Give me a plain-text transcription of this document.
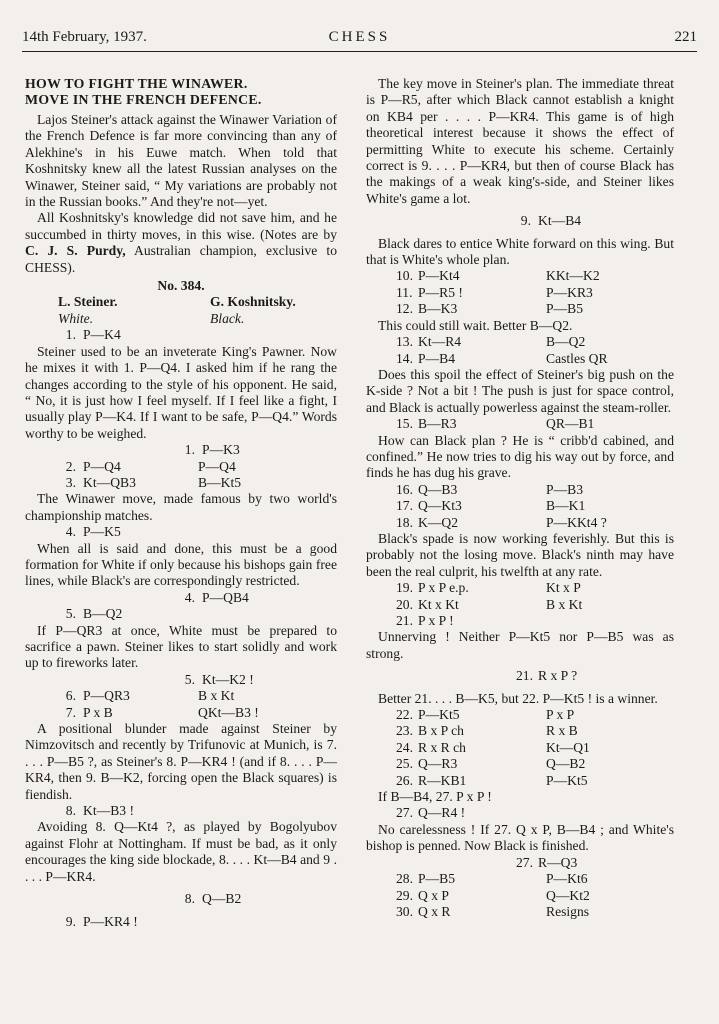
14th February, 1937.	CHESS	221
HOW TO FIGHT THE WINAWER.
MOVE IN THE FRENCH DEFENCE.

Lajos Steiner's attack against the Winawer Variation of the French Defence is far more convincing than any of Alekhine's in his Euwe match. When told that Koshnitsky knew all the latest Russian analyses on the Winawer, Steiner said, “ My variations are probably not in the Russian books.” And they're not—yet.

All Koshnitsky's knowledge did not save him, and he succumbed in thirty moves, in this wise. (Notes are by C. J. S. Purdy, Australian champion, exclusive to CHESS).

No. 384.
L. Steiner.	G. Koshnitsky.
White.	Black.
1. P—K4

Steiner used to be an inveterate King's Pawner. Now he mixes it with 1. P—Q4. I asked him if he rang the changes according to the style of his opponent. He said, “ No, it is just how I feel myself. If I feel like a fight, I usually play P—K4. If I want to be safe, P—Q4.” Words worthy to be weighed.

1. P—K3
2. P—Q4	P—Q4
3. Kt—QB3	B—Kt5

The Winawer move, made famous by two world's championship matches.

4. P—K5

When all is said and done, this must be a good formation for White if only because his bishops gain free lines, while Black's are correspondingly restricted.

4. P—QB4
5. B—Q2

If P—QR3 at once, White must be prepared to sacrifice a pawn. Steiner likes to start solidly and work up to fireworks later.

5. Kt—K2 !
6. P—QR3	B x Kt
7. P x B	QKt—B3 !

A positional blunder made against Steiner by Nimzovitsch and recently by Trifunovic at Munich, is 7. . . . P—B5 ?, as Steiner's 8. P—KR4 ! (and if 8. . . . P—KR4, then 9. B—K2, forcing open the Black squares) is fiendish.

8. Kt—B3 !

Avoiding 8. Q—Kt4 ?, as played by Bogolyubov against Flohr at Nottingham. If must be bad, as it only encourages the king side blockade, 8. . . . Kt—B4 and 9 . . . . P—KR4.

8. Q—B2
9. P—KR4 !

The key move in Steiner's plan. The immediate threat is P—R5, after which Black cannot establish a knight on KB4 per . . . . P—KR4. This game is of high theoretical interest because it shows the effect of permitting White to execute his scheme. Certainly correct is 9. . . . P—KR4, but then of course Black has the makings of a weak king's-side, and Steiner likes White's game a lot.

9. Kt—B4

Black dares to entice White forward on this wing. But that is White's whole plan.

10. P—Kt4	KKt—K2
11. P—R5 !	P—KR3
12. B—K3	P—B5

This could still wait. Better B—Q2.

13. Kt—R4	B—Q2
14. P—B4	Castles QR

Does this spoil the effect of Steiner's big push on the K-side ? Not a bit ! The push is just for space control, and Black is actually powerless against the steam-roller.

15. B—R3	QR—B1

How can Black plan ? He is “ cribb'd cabined, and confined.” He now tries to dig his way out by force, and finds he has dug his grave.

16. Q—B3	P—B3
17. Q—Kt3	B—K1
18. K—Q2	P—KKt4 ?

Black's spade is now working feverishly. But this is probably not the losing move. Black's ninth may have been the real culprit, his twelfth at any rate.

19. P x P e.p.	Kt x P
20. Kt x Kt	B x Kt
21. P x P !

Unnerving ! Neither P—Kt5 nor P—B5 was as strong.

21. R x P ?

Better 21. . . . B—K5, but 22. P—Kt5 ! is a winner.

22. P—Kt5	P x P
23. B x P ch	R x B
24. R x R ch	Kt—Q1
25. Q—R3	Q—B2
26. R—KB1	P—Kt5

If B—B4, 27. P x P !

27. Q—R4 !

No carelessness ! If 27. Q x P, B—B4 ; and White's bishop is penned. Now Black is finished.

27. R—Q3
28. P—B5	P—Kt6
29. Q x P	Q—Kt2
30. Q x R	Resigns
